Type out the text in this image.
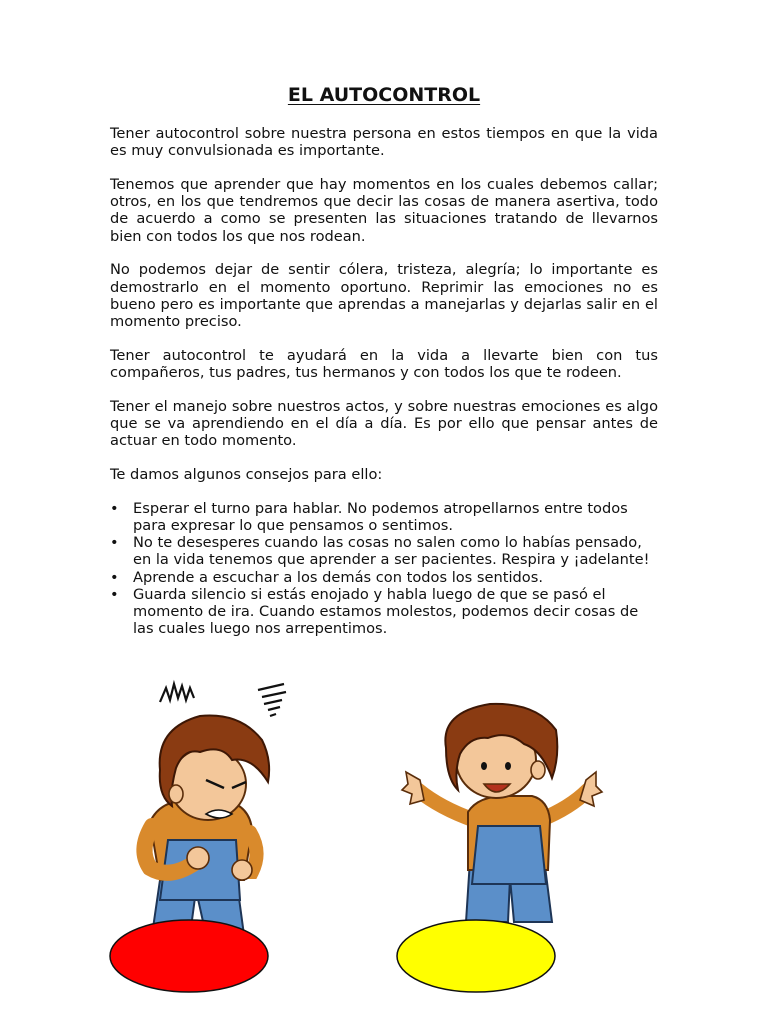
EL AUTOCONTROL

Tener autocontrol sobre nuestra persona en estos tiempos en que la vida es muy convulsionada es importante.

Tenemos que aprender que hay momentos en los cuales debemos callar; otros, en los que tendremos que decir las cosas de manera asertiva, todo de acuerdo a como se presenten las situaciones tratando de llevarnos bien con todos los que nos rodean.

No podemos dejar de sentir cólera, tristeza, alegría; lo importante es demostrarlo en el momento oportuno. Reprimir las emociones no es bueno pero es importante que aprendas a manejarlas y dejarlas salir en el momento preciso.

Tener autocontrol te ayudará en la vida a llevarte bien con tus compañeros, tus padres, tus hermanos y con todos los que te rodeen.

Tener el manejo sobre nuestros actos, y sobre nuestras emociones es algo que se va aprendiendo en el día a día. Es por ello que pensar antes de actuar en todo momento.

Te damos algunos consejos para ello:

• Esperar el turno para hablar. No podemos atropellarnos entre todos para expresar lo que pensamos o sentimos.
• No te desesperes cuando las cosas no salen como lo habías pensado, en la vida tenemos que aprender a ser pacientes. Respira y ¡adelante!
• Aprende a escuchar a los demás con todos los sentidos.
• Guarda silencio si estás enojado y habla luego de que se pasó el momento de ira. Cuando estamos molestos, podemos decir cosas de las cuales luego nos arrepentimos.
